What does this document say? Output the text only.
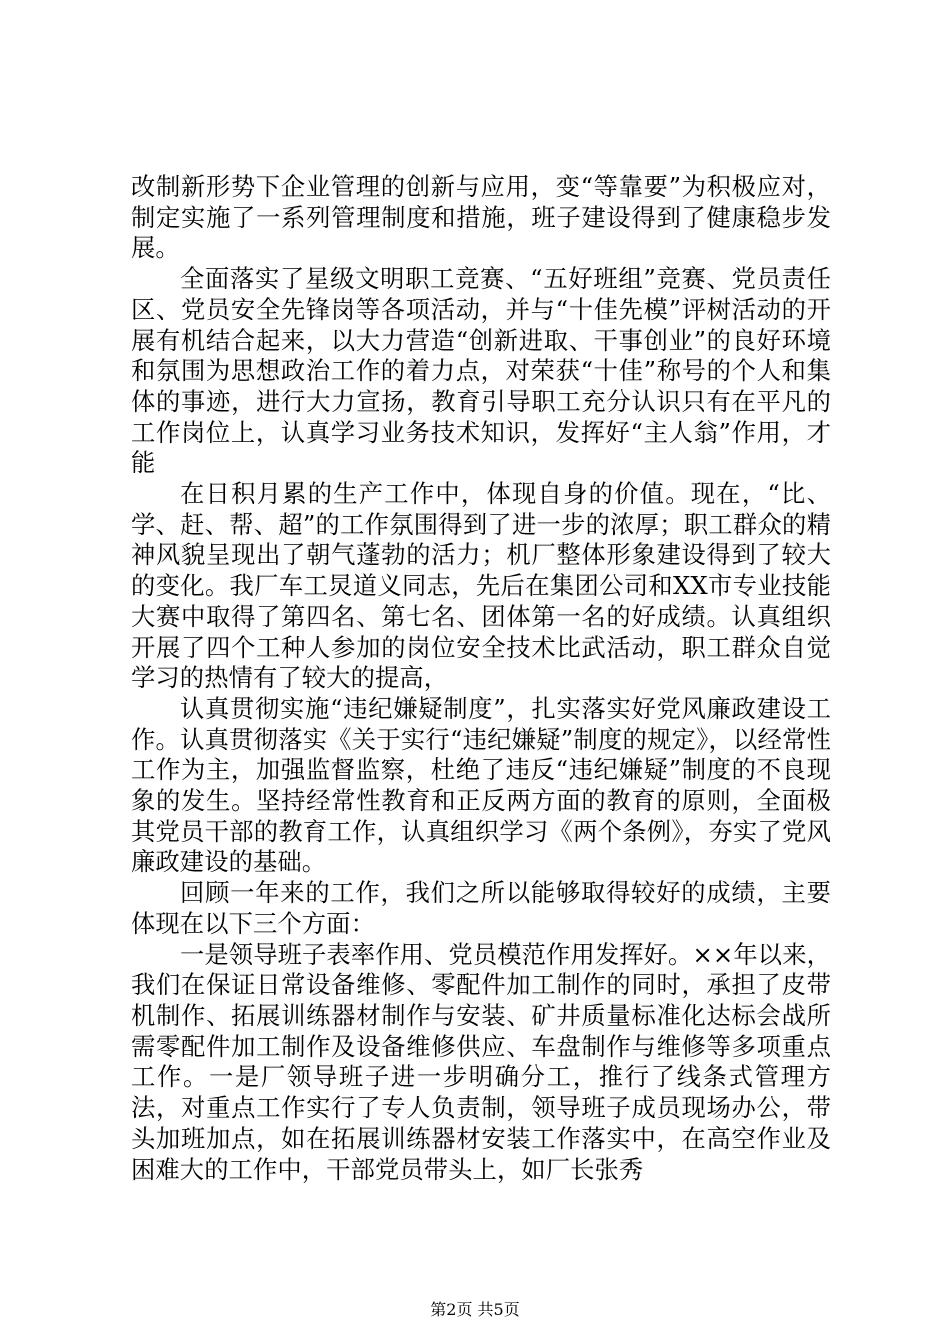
改制新形势下企业管理的创新与应用，变“等靠要”为积极应对，制定实施了一系列管理制度和措施，班子建设得到了健康稳步发展。

全面落实了星级文明职工竞赛、“五好班组”竞赛、党员责任区、党员安全先锋岗等各项活动，并与“十佳先模”评树活动的开展有机结合起来，以大力营造“创新进取、干事创业”的良好环境和氛围为思想政治工作的着力点，对荣获“十佳”称号的个人和集体的事迹，进行大力宣扬，教育引导职工充分认识只有在平凡的工作岗位上，认真学习业务技术知识，发挥好“主人翁”作用，才能

在日积月累的生产工作中，体现自身的价值。现在，“比、学、赶、帮、超”的工作氛围得到了进一步的浓厚；职工群众的精神风貌呈现出了朝气蓬勃的活力；机厂整体形象建设得到了较大的变化。我厂车工炅道义同志，先后在集团公司和XX市专业技能大赛中取得了第四名、第七名、团体第一名的好成绩。认真组织开展了四个工种人参加的岗位安全技术比武活动，职工群众自觉学习的热情有了较大的提高，

认真贯彻实施“违纪嫌疑制度”，扎实落实好党风廉政建设工作。认真贯彻落实《关于实行“违纪嫌疑”制度的规定》，以经常性工作为主，加强监督监察，杜绝了违反“违纪嫌疑”制度的不良现象的发生。坚持经常性教育和正反两方面的教育的原则，全面极其党员干部的教育工作，认真组织学习《两个条例》，夯实了党风廉政建设的基础。

回顾一年来的工作，我们之所以能够取得较好的成绩，主要体现在以下三个方面：

一是领导班子表率作用、党员模范作用发挥好。××年以来，我们在保证日常设备维修、零配件加工制作的同时，承担了皮带机制作、拓展训练器材制作与安装、矿井质量标准化达标会战所需零配件加工制作及设备维修供应、车盘制作与维修等多项重点工作。一是厂领导班子进一步明确分工，推行了线条式管理方法，对重点工作实行了专人负责制，领导班子成员现场办公，带头加班加点，如在拓展训练器材安装工作落实中，在高空作业及困难大的工作中，干部党员带头上，如厂长张秀

第2页 共5页
